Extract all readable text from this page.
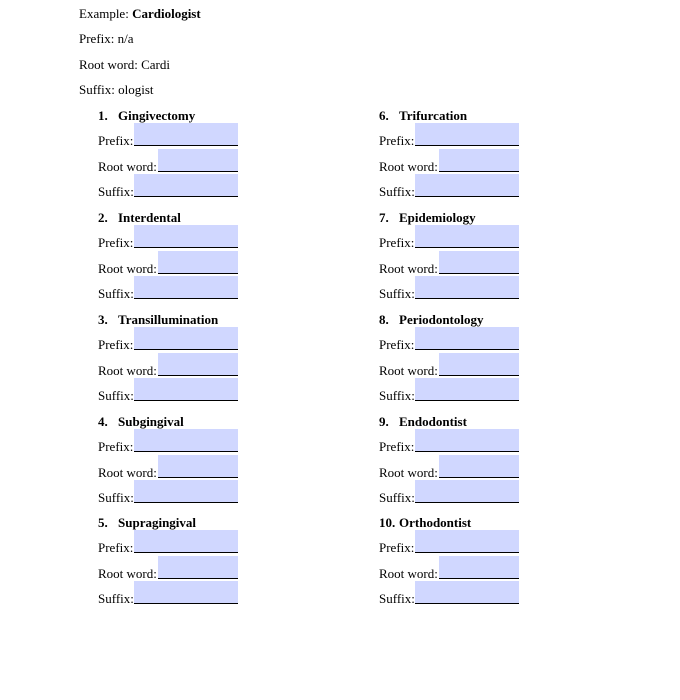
Example: Cardiologist
Prefix: n/a
Root word: Cardi
Suffix: ologist
1. Gingivectomy
Prefix:
Root word:
Suffix:
2. Interdental
Prefix:
Root word:
Suffix:
3. Transillumination
Prefix:
Root word:
Suffix:
4. Subgingival
Prefix:
Root word:
Suffix:
5. Supragingival
Prefix:
Root word:
Suffix:
6. Trifurcation
Prefix:
Root word:
Suffix:
7. Epidemiology
Prefix:
Root word:
Suffix:
8. Periodontology
Prefix:
Root word:
Suffix:
9. Endodontist
Prefix:
Root word:
Suffix:
10. Orthodontist
Prefix:
Root word:
Suffix:
